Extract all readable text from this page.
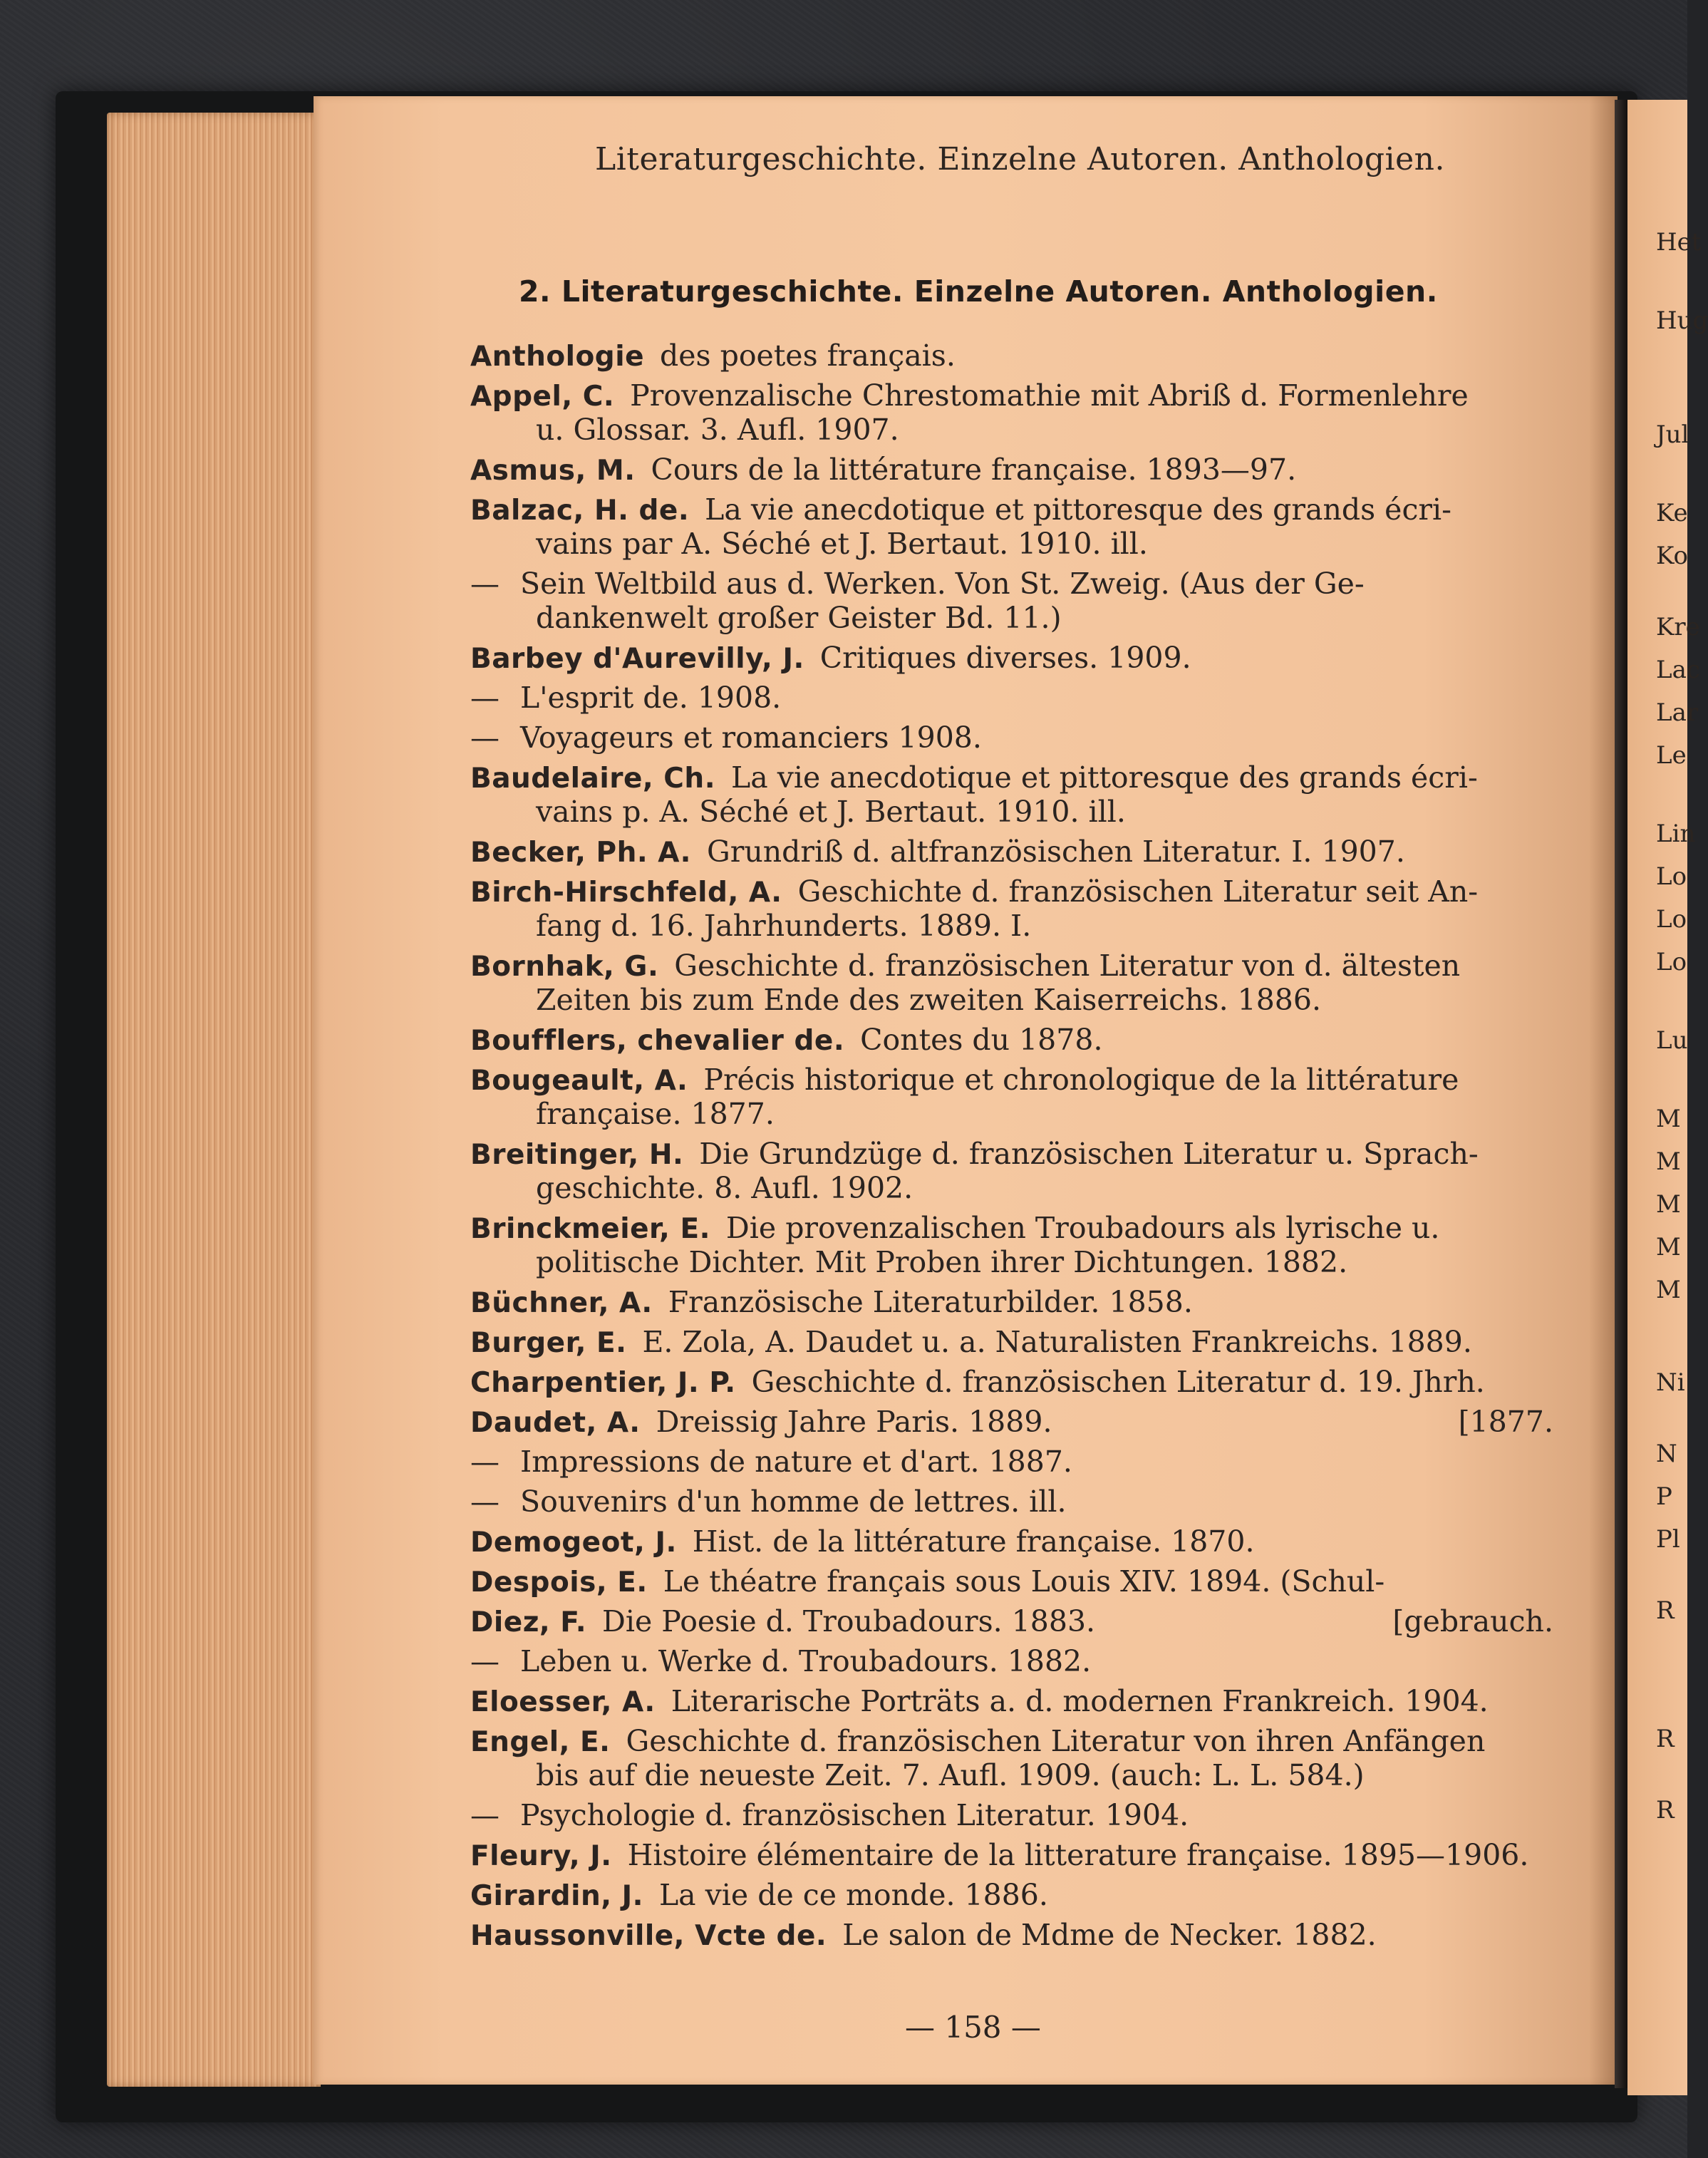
Het
Hug
Jul
Ke
Ko
Kre
Lac
Lar
Le
Lin
Lo
Lo
Lo
Lu
M
M
M
M
M
Ni
N
P
Pl
R
R
R
Literaturgeschichte. Einzelne Autoren. Anthologien.
2. Literaturgeschichte. Einzelne Autoren. Anthologien.
Anthologie des poetes français.
Appel, C. Provenzalische Chrestomathie mit Abriß d. Formenlehre
u. Glossar. 3. Aufl. 1907.
Asmus, M. Cours de la littérature française. 1893—97.
Balzac, H. de. La vie anecdotique et pittoresque des grands écri-
vains par A. Séché et J. Bertaut. 1910. ill.
— Sein Weltbild aus d. Werken. Von St. Zweig. (Aus der Ge-
dankenwelt großer Geister Bd. 11.)
Barbey d'Aurevilly, J. Critiques diverses. 1909.
— L'esprit de. 1908.
— Voyageurs et romanciers 1908.
Baudelaire, Ch. La vie anecdotique et pittoresque des grands écri-
vains p. A. Séché et J. Bertaut. 1910. ill.
Becker, Ph. A. Grundriß d. altfranzösischen Literatur. I. 1907.
Birch-Hirschfeld, A. Geschichte d. französischen Literatur seit An-
fang d. 16. Jahrhunderts. 1889. I.
Bornhak, G. Geschichte d. französischen Literatur von d. ältesten
Zeiten bis zum Ende des zweiten Kaiserreichs. 1886.
Boufflers, chevalier de. Contes du 1878.
Bougeault, A. Précis historique et chronologique de la littérature
française. 1877.
Breitinger, H. Die Grundzüge d. französischen Literatur u. Sprach-
geschichte. 8. Aufl. 1902.
Brinckmeier, E. Die provenzalischen Troubadours als lyrische u.
politische Dichter. Mit Proben ihrer Dichtungen. 1882.
Büchner, A. Französische Literaturbilder. 1858.
Burger, E. E. Zola, A. Daudet u. a. Naturalisten Frankreichs. 1889.
Charpentier, J. P. Geschichte d. französischen Literatur d. 19. Jhrh.
Daudet, A. Dreissig Jahre Paris. 1889.	[1877.
— Impressions de nature et d'art. 1887.
— Souvenirs d'un homme de lettres. ill.
Demogeot, J. Hist. de la littérature française. 1870.
Despois, E. Le théatre français sous Louis XIV. 1894. (Schul-
Diez, F. Die Poesie d. Troubadours. 1883.	[gebrauch.
— Leben u. Werke d. Troubadours. 1882.
Eloesser, A. Literarische Porträts a. d. modernen Frankreich. 1904.
Engel, E. Geschichte d. französischen Literatur von ihren Anfängen
bis auf die neueste Zeit. 7. Aufl. 1909. (auch: L. L. 584.)
— Psychologie d. französischen Literatur. 1904.
Fleury, J. Histoire élémentaire de la litterature française. 1895—1906.
Girardin, J. La vie de ce monde. 1886.
Haussonville, Vcte de. Le salon de Mdme de Necker. 1882.
— 158 —
